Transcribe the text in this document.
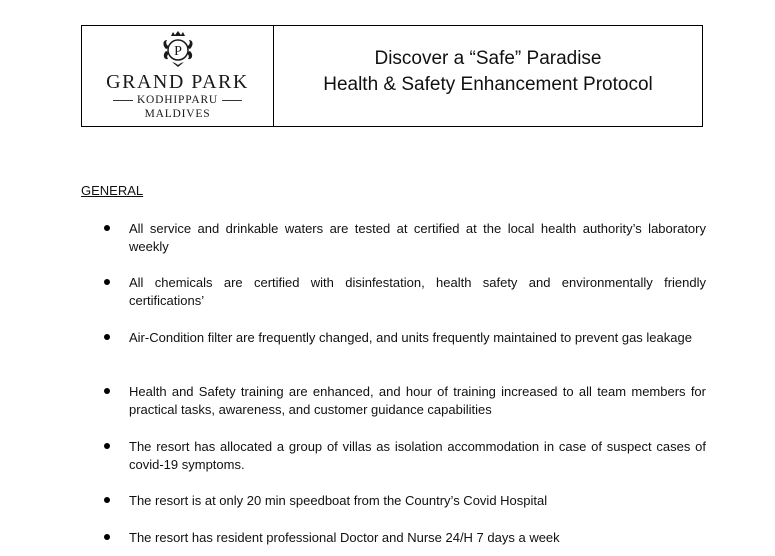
P
GRAND PARK
KODHIPPARU
MALDIVES
Discover a “Safe” Paradise
Health & Safety Enhancement Protocol
GENERAL
All service and drinkable waters are tested at certified at the local health authority’s laboratory weekly
All chemicals are certified with disinfestation, health safety and environmentally friendly certifications’
Air-Condition filter are frequently changed, and units frequently maintained to prevent gas leakage
Health and Safety training are enhanced, and hour of training increased to all team members for practical tasks, awareness, and customer guidance capabilities
The resort has allocated a group of villas as isolation accommodation in case of suspect cases of covid-19 symptoms.
The resort is at only 20 min speedboat from the Country’s Covid Hospital
The resort has resident professional Doctor and Nurse 24/H 7 days a week
